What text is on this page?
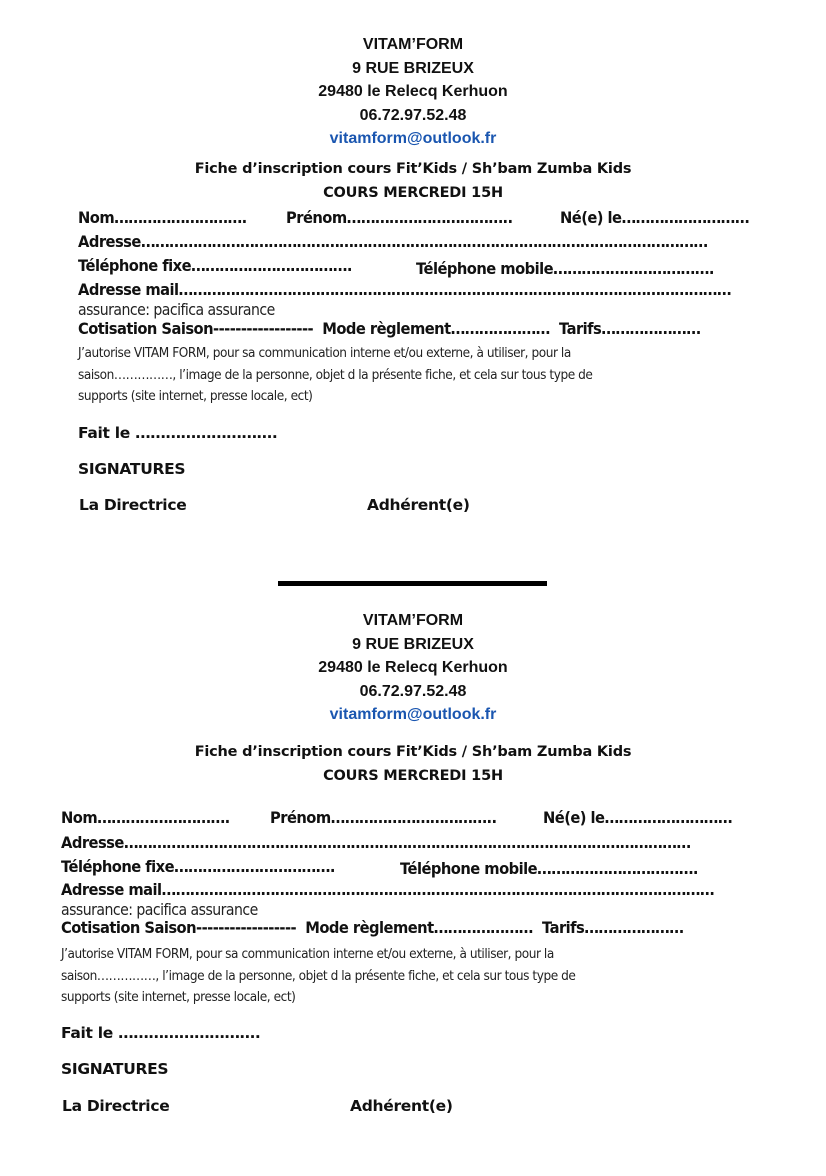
VITAM’FORM
9 RUE BRIZEUX
29480 le Relecq Kerhuon
06.72.97.52.48
vitamform@outlook.fr
Fiche d’inscription cours Fit’Kids / Sh’bam Zumba Kids
COURS MERCREDI 15H
Nom………………………. Prénom……………………………..	Né(e) le………………………
Adresse…………………………………………………………………………………………………………
Téléphone fixe…………………………….	Téléphone mobile…………………………….
Adresse mail………………………………………………………………………………………………………
assurance: pacifica assurance
Cotisation Saison------------------ Mode règlement………………… Tarifs…………………
J’autorise VITAM FORM, pour sa communication interne et/ou externe, à utiliser, pour la
saison……………, l’image de la personne, objet d la présente fiche, et cela sur tous type de
supports (site internet, presse locale, ect)
Fait le ……………………….
SIGNATURES
La Directrice	Adhérent(e)
VITAM’FORM
9 RUE BRIZEUX
29480 le Relecq Kerhuon
06.72.97.52.48
vitamform@outlook.fr
Fiche d’inscription cours Fit’Kids / Sh’bam Zumba Kids
COURS MERCREDI 15H
Nom……………………….	Prénom……………………………..	Né(e) le………………………
Adresse…………………………………………………………………………………………………………
Téléphone fixe…………………………….	Téléphone mobile…………………………….
Adresse mail………………………………………………………………………………………………………
assurance: pacifica assurance
Cotisation Saison------------------ Mode règlement………………… Tarifs…………………
J’autorise VITAM FORM, pour sa communication interne et/ou externe, à utiliser, pour la
saison……………, l’image de la personne, objet d la présente fiche, et cela sur tous type de
supports (site internet, presse locale, ect)
Fait le ……………………….
SIGNATURES
La Directrice	Adhérent(e)
